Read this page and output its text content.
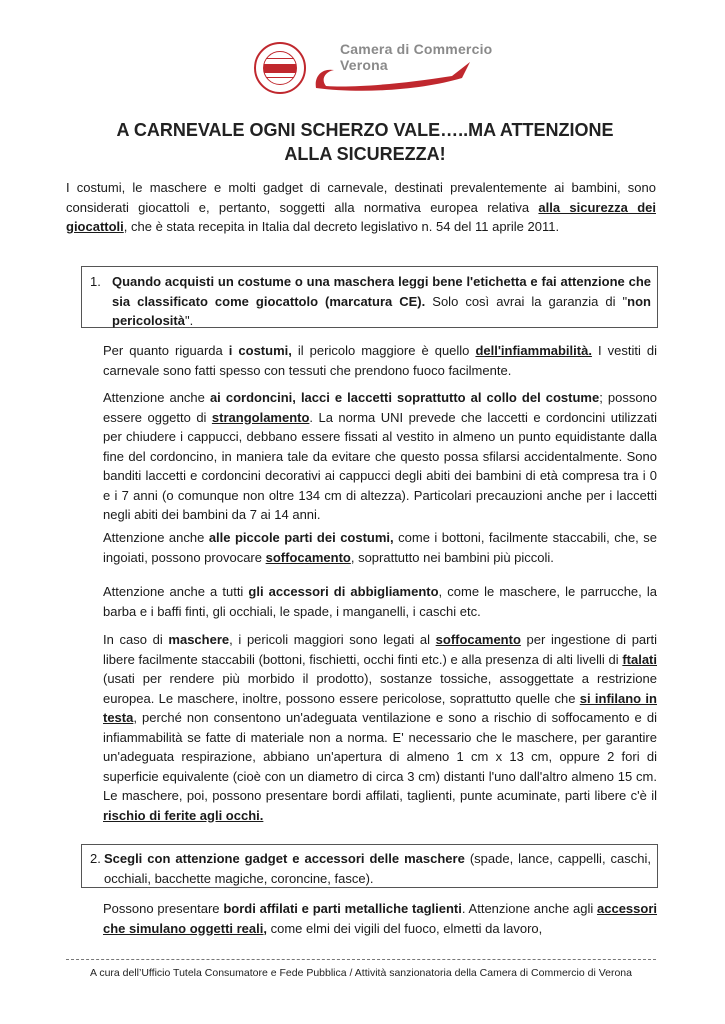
Camera di Commercio
Verona
A CARNEVALE OGNI SCHERZO VALE…..MA ATTENZIONE
ALLA SICUREZZA!

I costumi, le maschere e molti gadget di carnevale, destinati prevalentemente ai bambini, sono considerati giocattoli e, pertanto, soggetti alla normativa europea relativa alla sicurezza dei giocattoli, che è stata recepita in Italia dal decreto legislativo n. 54 del 11 aprile 2011.

1. Quando acquisti un costume o una maschera leggi bene l'etichetta e fai attenzione che sia classificato come giocattolo (marcatura CE). Solo così avrai la garanzia di "non pericolosità".

Per quanto riguarda i costumi, il pericolo maggiore è quello dell'infiammabilità. I vestiti di carnevale sono fatti spesso con tessuti che prendono fuoco facilmente.

Attenzione anche ai cordoncini, lacci e laccetti soprattutto al collo del costume; possono essere oggetto di strangolamento. La norma UNI prevede che laccetti e cordoncini utilizzati per chiudere i cappucci, debbano essere fissati al vestito in almeno un punto equidistante dalla fine del cordoncino, in maniera tale da evitare che questo possa sfilarsi accidentalmente. Sono banditi laccetti e cordoncini decorativi ai cappucci degli abiti dei bambini di età compresa tra i 0 e i 7 anni (o comunque non oltre 134 cm di altezza). Particolari precauzioni anche per i laccetti negli abiti dei bambini da 7 ai 14 anni.

Attenzione anche alle piccole parti dei costumi, come i bottoni, facilmente staccabili, che, se ingoiati, possono provocare soffocamento, soprattutto nei bambini più piccoli.

Attenzione anche a tutti gli accessori di abbigliamento, come le maschere, le parrucche, la barba e i baffi finti, gli occhiali, le spade, i manganelli, i caschi etc.

In caso di maschere, i pericoli maggiori sono legati al soffocamento per ingestione di parti libere facilmente staccabili (bottoni, fischietti, occhi finti etc.) e alla presenza di alti livelli di ftalati (usati per rendere più morbido il prodotto), sostanze tossiche, assoggettate a restrizione europea. Le maschere, inoltre, possono essere pericolose, soprattutto quelle che si infilano in testa, perché non consentono un'adeguata ventilazione e sono a rischio di soffocamento e di infiammabilità se fatte di materiale non a norma. E' necessario che le maschere, per garantire un'adeguata respirazione, abbiano un'apertura di almeno 1 cm x 13 cm, oppure 2 fori di superficie equivalente (cioè con un diametro di circa 3 cm) distanti l'uno dall'altro almeno 15 cm. Le maschere, poi, possono presentare bordi affilati, taglienti, punte acuminate, parti libere c'è il rischio di ferite agli occhi.

2. Scegli con attenzione gadget e accessori delle maschere (spade, lance, cappelli, caschi, occhiali, bacchette magiche, coroncine, fasce).

Possono presentare bordi affilati e parti metalliche taglienti. Attenzione anche agli accessori che simulano oggetti reali, come elmi dei vigili del fuoco, elmetti da lavoro,

A cura dell’Ufficio Tutela Consumatore e Fede Pubblica / Attività sanzionatoria della Camera di Commercio di Verona
